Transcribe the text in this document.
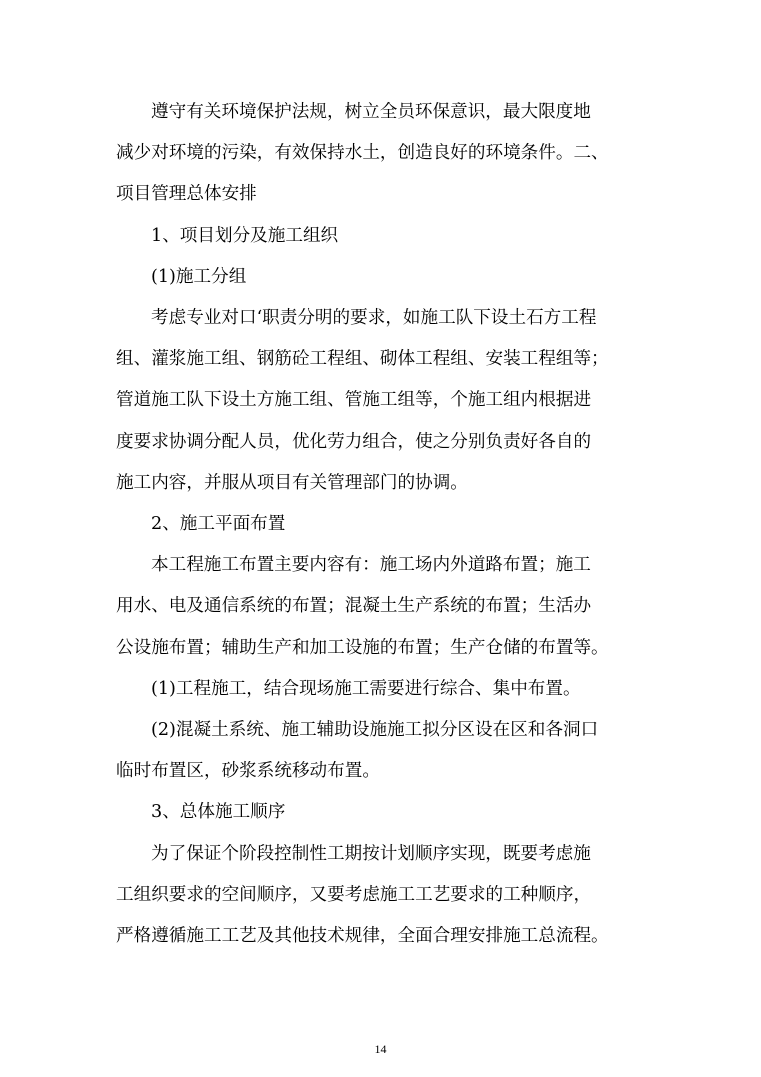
遵守有关环境保护法规，树立全员环保意识，最大限度地
减少对环境的污染，有效保持水土，创造良好的环境条件。二、
项目管理总体安排
1、项目划分及施工组织
(1)施工分组
考虑专业对口‘职责分明的要求，如施工队下设土石方工程
组、灌浆施工组、钢筋砼工程组、砌体工程组、安装工程组等；
管道施工队下设土方施工组、管施工组等，个施工组内根据进
度要求协调分配人员，优化劳力组合，使之分别负责好各自的
施工内容，并服从项目有关管理部门的协调。
2、施工平面布置
本工程施工布置主要内容有：施工场内外道路布置；施工
用水、电及通信系统的布置；混凝土生产系统的布置；生活办
公设施布置；辅助生产和加工设施的布置；生产仓储的布置等。
(1)工程施工，结合现场施工需要进行综合、集中布置。
(2)混凝土系统、施工辅助设施施工拟分区设在区和各洞口
临时布置区，砂浆系统移动布置。
3、总体施工顺序
为了保证个阶段控制性工期按计划顺序实现，既要考虑施
工组织要求的空间顺序，又要考虑施工工艺要求的工种顺序，
严格遵循施工工艺及其他技术规律，全面合理安排施工总流程。
14
